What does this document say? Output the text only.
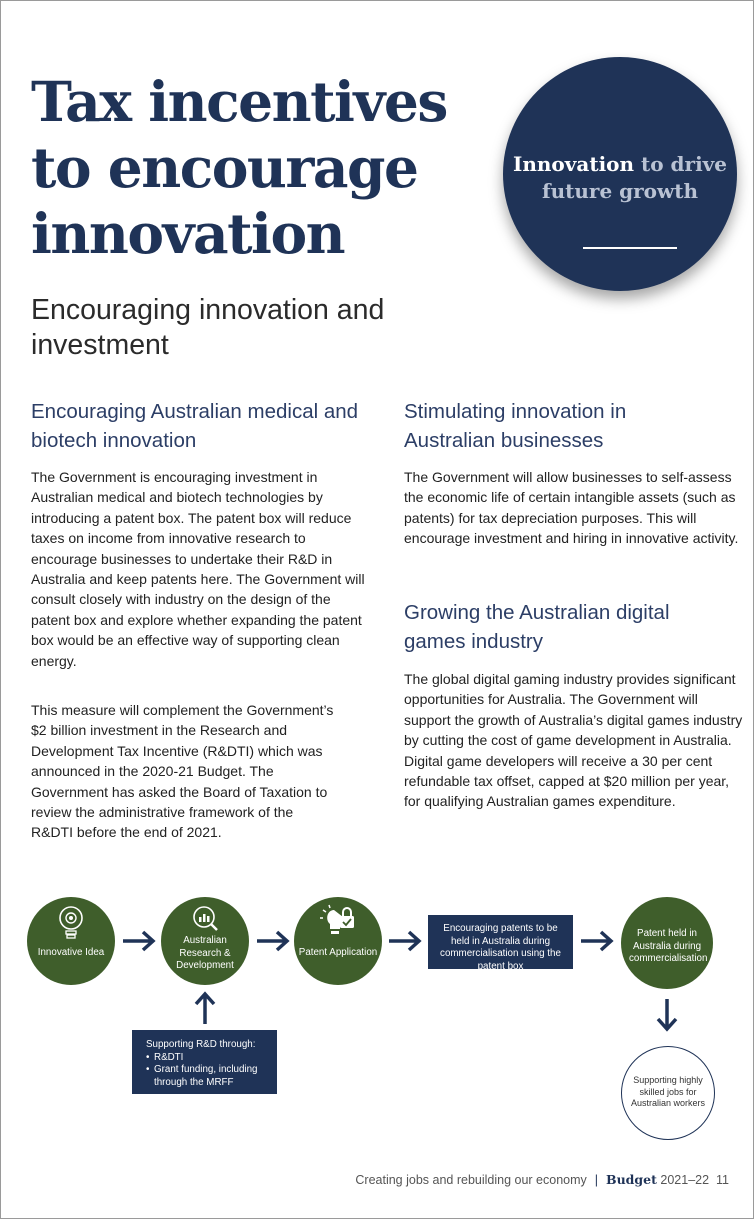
Tax incentives to encourage innovation
Encouraging innovation and investment
Innovation to drive future growth
Encouraging Australian medical and biotech innovation

The Government is encouraging investment in Australian medical and biotech technologies by introducing a patent box. The patent box will reduce taxes on income from innovative research to encourage businesses to undertake their R&D in Australia and keep patents here. The Government will consult closely with industry on the design of the patent box and explore whether expanding the patent box would be an effective way of supporting clean energy.

This measure will complement the Government’s $2 billion investment in the Research and Development Tax Incentive (R&DTI) which was announced in the 2020-21 Budget. The Government has asked the Board of Taxation to review the administrative framework of the R&DTI before the end of 2021.

Stimulating innovation in Australian businesses

The Government will allow businesses to self-assess the economic life of certain intangible assets (such as patents) for tax depreciation purposes. This will encourage investment and hiring in innovative activity.

Growing the Australian digital games industry

The global digital gaming industry provides significant opportunities for Australia. The Government will support the growth of Australia’s digital games industry by cutting the cost of game development in Australia. Digital game developers will receive a 30 per cent refundable tax offset, capped at $20 million per year, for qualifying Australian games expenditure.

Innovative Idea
Australian Research & Development
Patent Application
Encouraging patents to be held in Australia during commercialisation using the patent box
Patent held in Australia during commercialisation
Supporting highly skilled jobs for Australian workers
Supporting R&D through:
• R&DTI
• Grant funding, including through the MRFF
Creating jobs and rebuilding our economy | Budget 2021–22 11
